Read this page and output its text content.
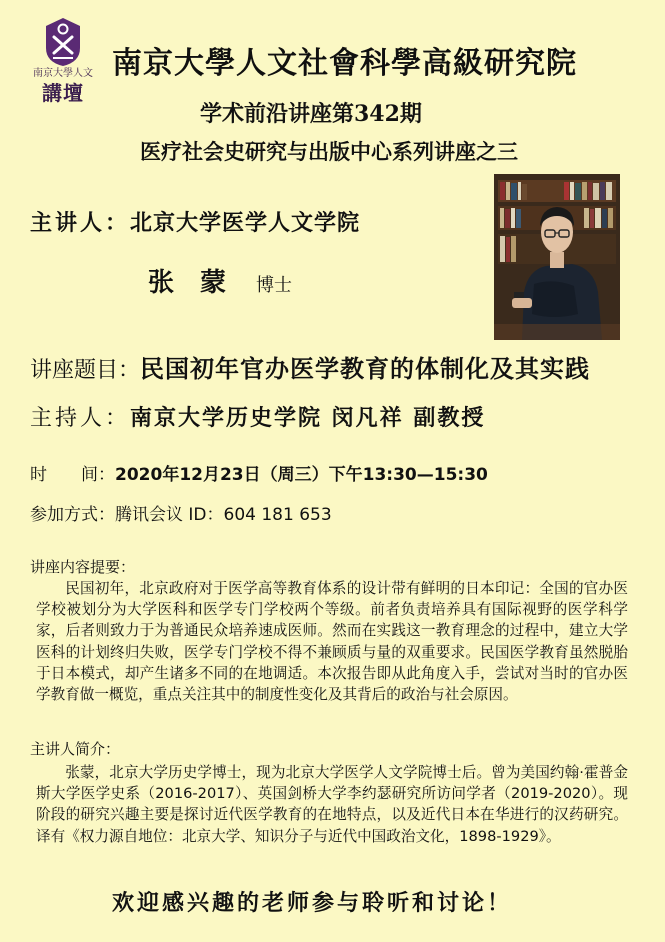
南京大學人文
講壇
南京大學人文社會科學高級研究院
学术前沿讲座第342期
医疗社会史研究与出版中心系列讲座之三
主讲人：北京大学医学人文学院
张蒙 博士
讲座题目：民国初年官办医学教育的体制化及其实践
主持人：南京大学历史学院 闵凡祥 副教授
时　　间：2020年12月23日（周三）下午13:30—15:30
参加方式：腾讯会议 ID：604 181 653
讲座内容提要：
民国初年，北京政府对于医学高等教育体系的设计带有鲜明的日本印记：全国的官办医学校被划分为大学医科和医学专门学校两个等级。前者负责培养具有国际视野的医学科学家，后者则致力于为普通民众培养速成医师。然而在实践这一教育理念的过程中，建立大学医科的计划终归失败，医学专门学校不得不兼顾质与量的双重要求。民国医学教育虽然脱胎于日本模式，却产生诸多不同的在地调适。本次报告即从此角度入手，尝试对当时的官办医学教育做一概览，重点关注其中的制度性变化及其背后的政治与社会原因。
主讲人简介：
张蒙，北京大学历史学博士，现为北京大学医学人文学院博士后。曾为美国约翰·霍普金斯大学医学史系（2016-2017）、英国剑桥大学李约瑟研究所访问学者（2019-2020）。现阶段的研究兴趣主要是探讨近代医学教育的在地特点，以及近代日本在华进行的汉药研究。译有《权力源自地位：北京大学、知识分子与近代中国政治文化，1898-1929》。
欢迎感兴趣的老师参与聆听和讨论！
